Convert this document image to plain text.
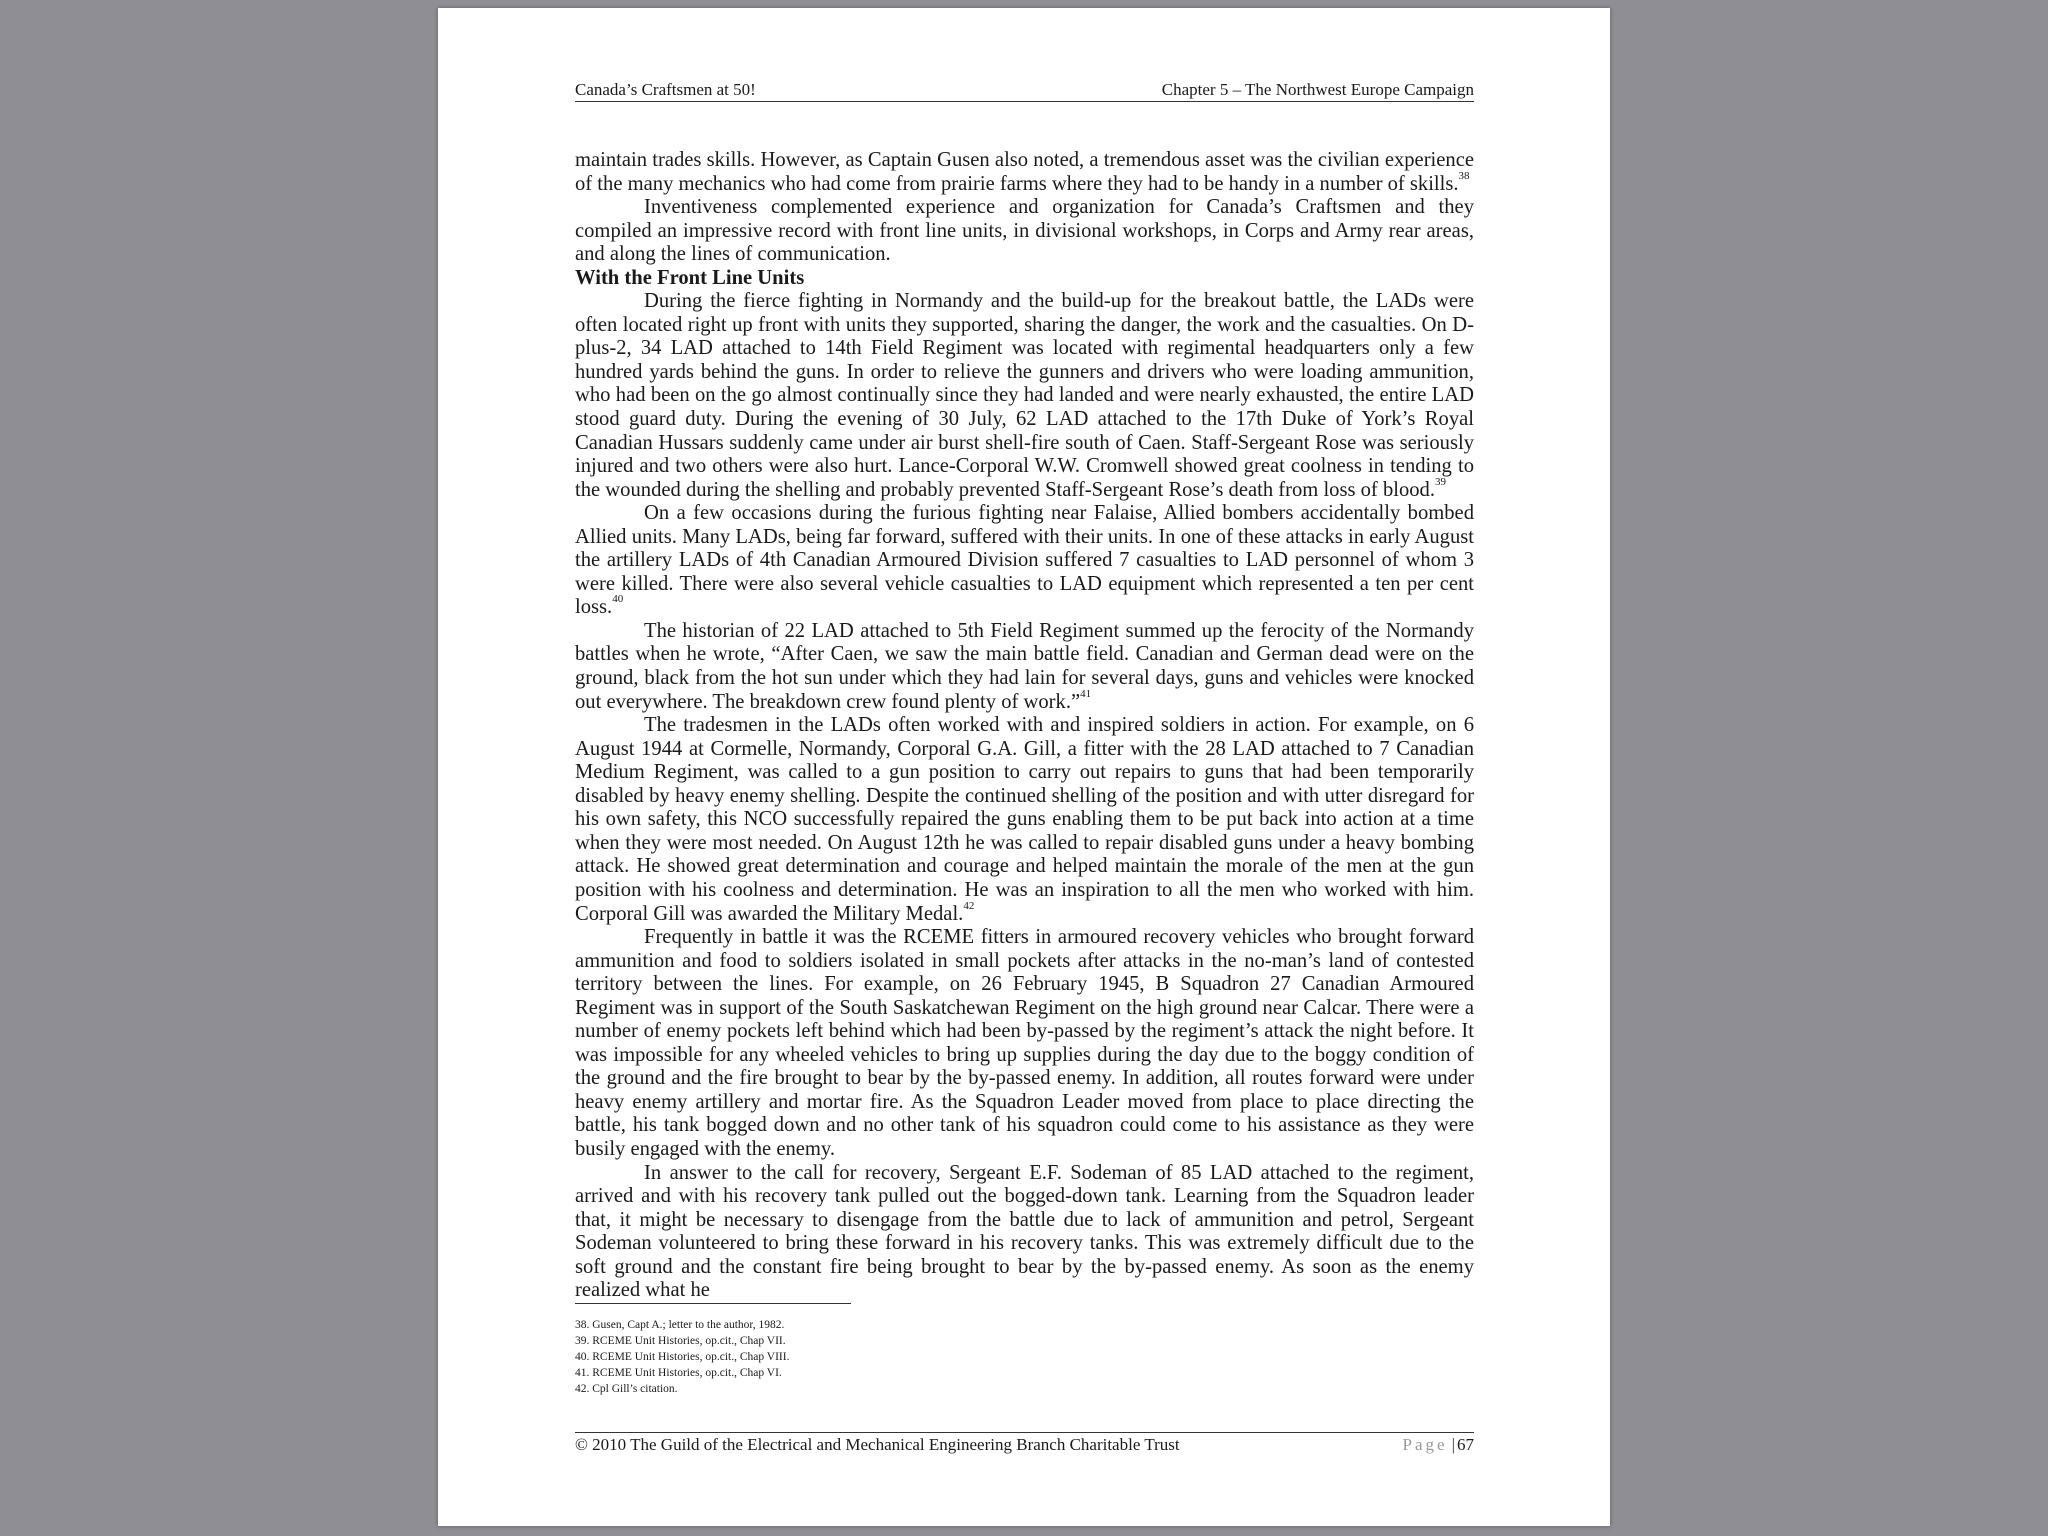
Canada’s Craftsmen at 50!	Chapter 5 – The Northwest Europe Campaign

maintain trades skills. However, as Captain Gusen also noted, a tremendous asset was the civilian experience of the many mechanics who had come from prairie farms where they had to be handy in a number of skills.$^{38}$

Inventiveness complemented experience and organization for Canada’s Craftsmen and they compiled an impressive record with front line units, in divisional workshops, in Corps and Army rear areas, and along the lines of communication.

With the Front Line Units

During the fierce fighting in Normandy and the build-up for the breakout battle, the LADs were often located right up front with units they supported, sharing the danger, the work and the casualties. On D-plus-2, 34 LAD attached to 14th Field Regiment was located with regimental headquarters only a few hundred yards behind the guns. In order to relieve the gunners and drivers who were loading ammunition, who had been on the go almost continually since they had landed and were nearly exhausted, the entire LAD stood guard duty. During the evening of 30 July, 62 LAD attached to the 17th Duke of York’s Royal Canadian Hussars suddenly came under air burst shell-fire south of Caen. Staff-Sergeant Rose was seriously injured and two others were also hurt. Lance-Corporal W.W. Cromwell showed great coolness in tending to the wounded during the shelling and probably prevented Staff-Sergeant Rose’s death from loss of blood.$^{39}$

On a few occasions during the furious fighting near Falaise, Allied bombers accidentally bombed Allied units. Many LADs, being far forward, suffered with their units. In one of these attacks in early August the artillery LADs of 4th Canadian Armoured Division suffered 7 casualties to LAD personnel of whom 3 were killed. There were also several vehicle casualties to LAD equipment which represented a ten per cent loss.$^{40}$

The historian of 22 LAD attached to 5th Field Regiment summed up the ferocity of the Normandy battles when he wrote, “After Caen, we saw the main battle field. Canadian and German dead were on the ground, black from the hot sun under which they had lain for several days, guns and vehicles were knocked out everywhere. The breakdown crew found plenty of work.”$^{41}$

The tradesmen in the LADs often worked with and inspired soldiers in action. For example, on 6 August 1944 at Cormelle, Normandy, Corporal G.A. Gill, a fitter with the 28 LAD attached to 7 Canadian Medium Regiment, was called to a gun position to carry out repairs to guns that had been temporarily disabled by heavy enemy shelling. Despite the continued shelling of the position and with utter disregard for his own safety, this NCO successfully repaired the guns enabling them to be put back into action at a time when they were most needed. On August 12th he was called to repair disabled guns under a heavy bombing attack. He showed great determination and courage and helped maintain the morale of the men at the gun position with his coolness and determination. He was an inspiration to all the men who worked with him. Corporal Gill was awarded the Military Medal.$^{42}$

Frequently in battle it was the RCEME fitters in armoured recovery vehicles who brought forward ammunition and food to soldiers isolated in small pockets after attacks in the no-man’s land of contested territory between the lines. For example, on 26 February 1945, B Squadron 27 Canadian Armoured Regiment was in support of the South Saskatchewan Regiment on the high ground near Calcar. There were a number of enemy pockets left behind which had been by-passed by the regiment’s attack the night before. It was impossible for any wheeled vehicles to bring up supplies during the day due to the boggy condition of the ground and the fire brought to bear by the by-passed enemy. In addition, all routes forward were under heavy enemy artillery and mortar fire. As the Squadron Leader moved from place to place directing the battle, his tank bogged down and no other tank of his squadron could come to his assistance as they were busily engaged with the enemy.

In answer to the call for recovery, Sergeant E.F. Sodeman of 85 LAD attached to the regiment, arrived and with his recovery tank pulled out the bogged-down tank. Learning from the Squadron leader that, it might be necessary to disengage from the battle due to lack of ammunition and petrol, Sergeant Sodeman volunteered to bring these forward in his recovery tanks. This was extremely difficult due to the soft ground and the constant fire being brought to bear by the by-passed enemy. As soon as the enemy realized what he

38. Gusen, Capt A.; letter to the author, 1982.
39. RCEME Unit Histories, op.cit., Chap VII.
40. RCEME Unit Histories, op.cit., Chap VIII.
41. RCEME Unit Histories, op.cit., Chap VI.
42. Cpl Gill’s citation.
© 2010 The Guild of the Electrical and Mechanical Engineering Branch Charitable Trust	Page | 67
